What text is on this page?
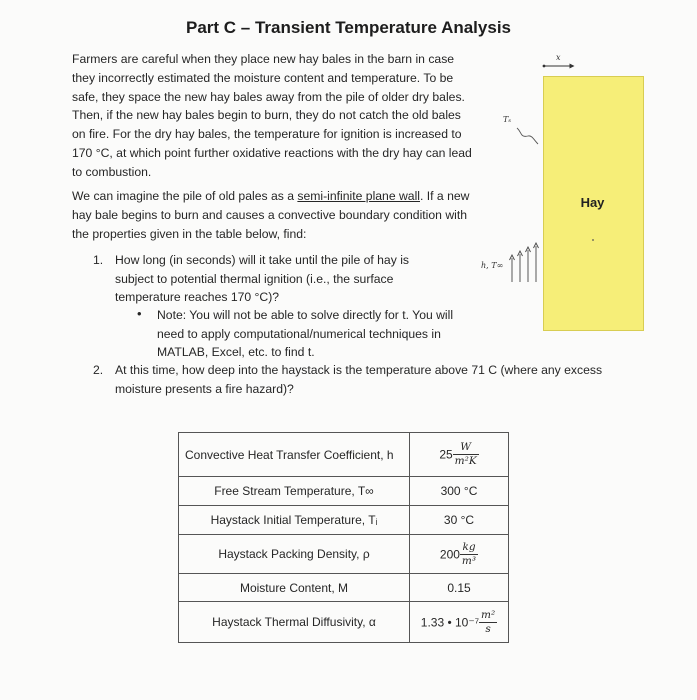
Part C – Transient Temperature Analysis
Farmers are careful when they place new hay bales in the barn in case they incorrectly estimated the moisture content and temperature. To be safe, they space the new hay bales away from the pile of older dry bales. Then, if the new hay bales begin to burn, they do not catch the old bales on fire. For the dry hay bales, the temperature for ignition is increased to 170 °C, at which point further oxidative reactions with the dry hay can lead to combustion.
We can imagine the pile of old pales as a semi-infinite plane wall. If a new hay bale begins to burn and causes a convective boundary condition with the properties given in the table below, find:
1. How long (in seconds) will it take until the pile of hay is subject to potential thermal ignition (i.e., the surface temperature reaches 170 °C)?
• Note: You will not be able to solve directly for t. You will need to apply computational/numerical techniques in MATLAB, Excel, etc. to find t.
2. At this time, how deep into the haystack is the temperature above 71 C (where any excess moisture presents a fire hazard)?
Hay
x
Tₛ
h, T∞
Convective Heat Transfer Coefficient, h	$25 \frac{W}{\text{m²K}}$

Free Stream Temperature, T∞	300 °C
Haystack Initial Temperature, Tᵢ	30 °C
Haystack Packing Density, ρ	$200 \frac{kg}{\text{m³}}$

Moisture Content, M	0.15
Haystack Thermal Diffusivity, α	1.33 • $10^{-7} \frac{\text{m²}}{s}$
